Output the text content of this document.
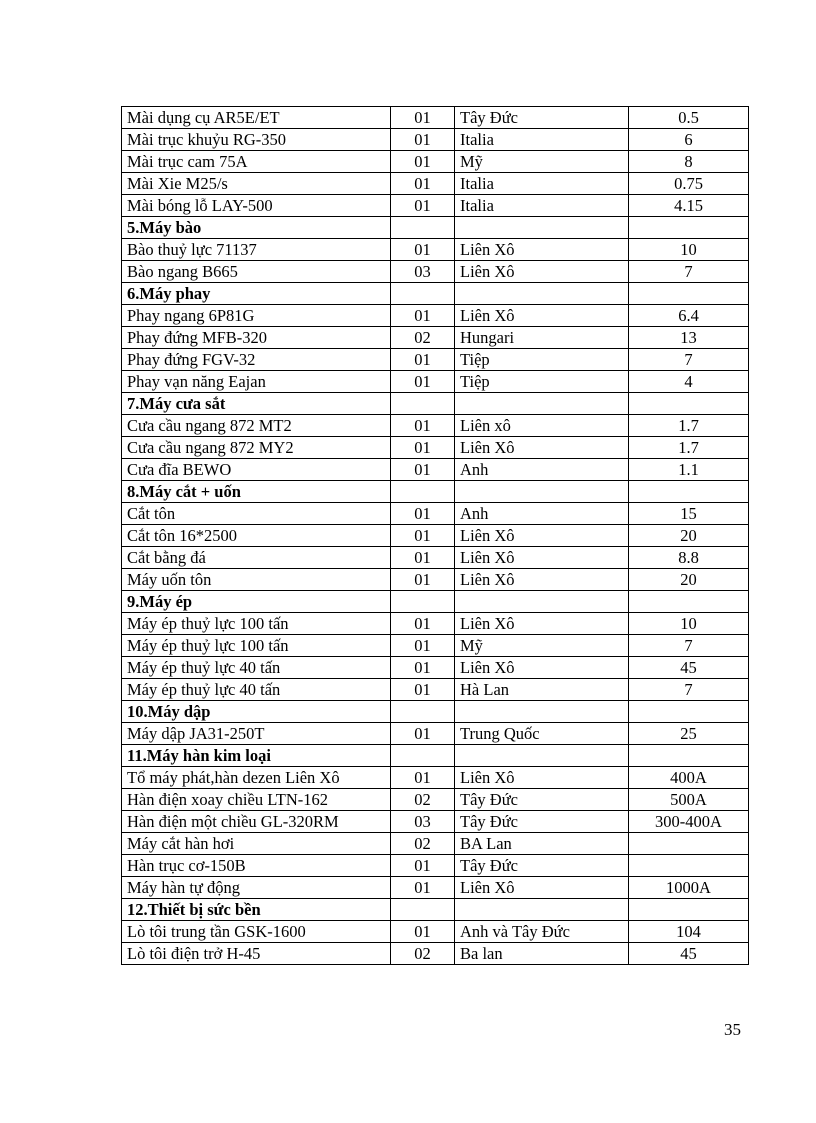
Mài dụng cụ AR5E/ET	01	Tây Đức	0.5
Mài trục khuỷu RG-350	01	Italia	6
Mài trục cam 75A	01	Mỹ	8
Mài Xie M25/s	01	Italia	0.75
Mài bóng lỗ LAY-500	01	Italia	4.15
5.Máy bào			
Bào thuỷ lực 71137	01	Liên Xô	10
Bào ngang B665	03	Liên Xô	7
6.Máy phay			
Phay ngang 6P81G	01	Liên Xô	6.4
Phay đứng MFB-320	02	Hungari	13
Phay đứng FGV-32	01	Tiệp	7
Phay vạn năng Eajan	01	Tiệp	4
7.Máy cưa sắt			
Cưa cầu ngang 872 MT2	01	Liên xô	1.7
Cưa cầu ngang 872 MY2	01	Liên Xô	1.7
Cưa đĩa BEWO	01	Anh	1.1
8.Máy cắt + uốn			
Cắt tôn	01	Anh	15
Cắt tôn 16*2500	01	Liên Xô	20
Cắt bằng đá	01	Liên Xô	8.8
Máy uốn tôn	01	Liên Xô	20
9.Máy ép			
Máy ép thuỷ lực 100 tấn	01	Liên Xô	10
Máy ép thuỷ lực 100 tấn	01	Mỹ	7
Máy ép thuỷ lực 40 tấn	01	Liên Xô	45
Máy ép thuỷ lực 40 tấn	01	Hà Lan	7
10.Máy dập			
Máy dập JA31-250T	01	Trung Quốc	25
11.Máy hàn kim loại			
Tổ máy phát,hàn dezen Liên Xô	01	Liên Xô	400A
Hàn điện xoay chiều LTN-162	02	Tây Đức	500A
Hàn điện một chiều GL-320RM	03	Tây Đức	300-400A
Máy cắt hàn hơi	02	BA Lan	
Hàn trục cơ-150B	01	Tây Đức	
Máy hàn tự động	01	Liên Xô	1000A
12.Thiết bị sức bền			
Lò tôi trung tần GSK-1600	01	Anh và Tây Đức	104
Lò tôi điện trở H-45	02	Ba lan	45
35
